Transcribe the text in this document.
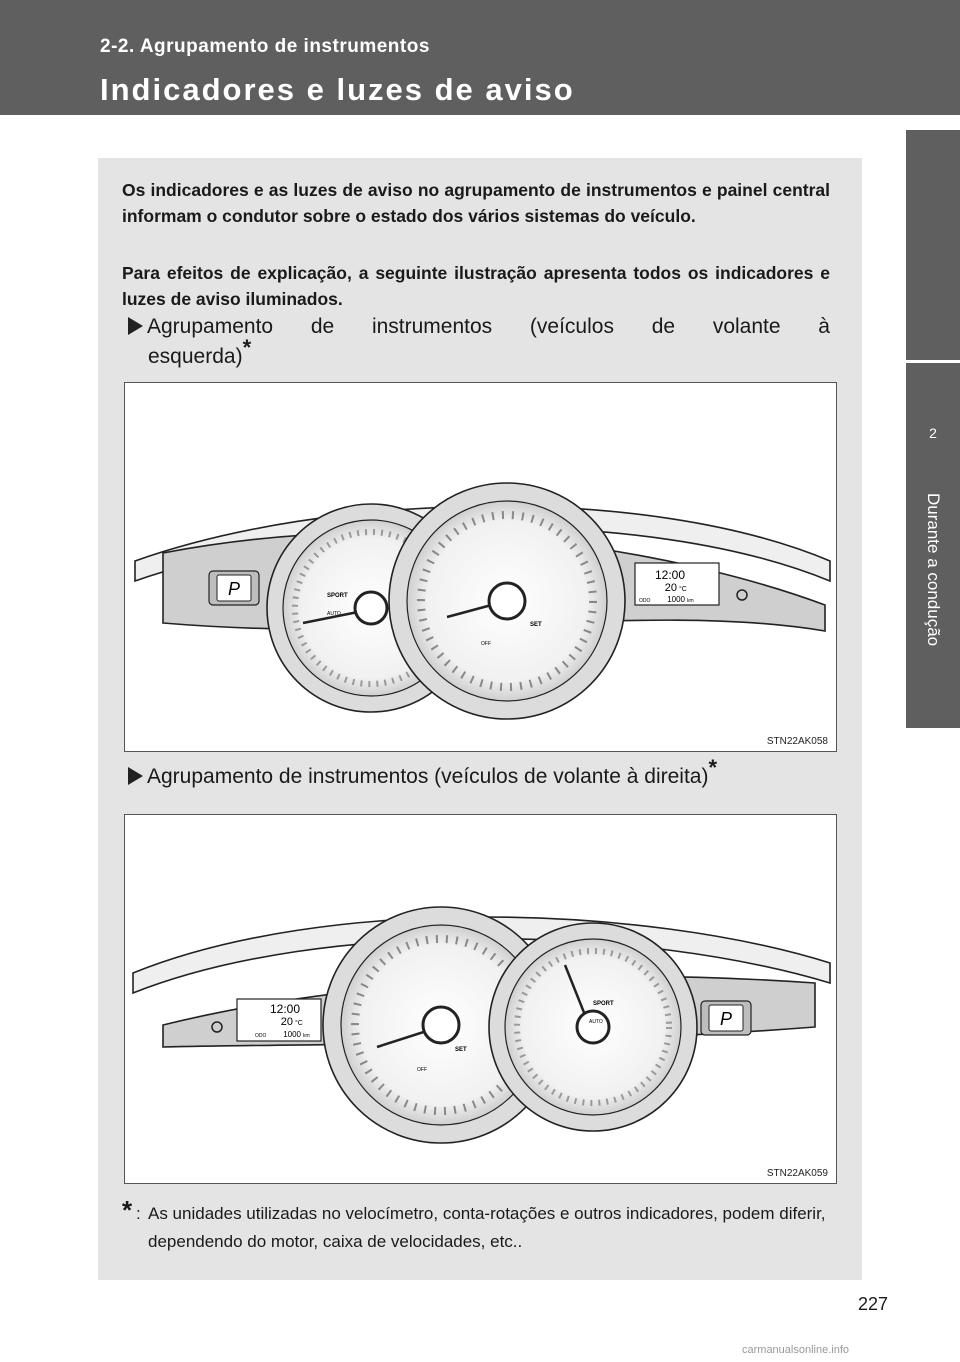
2-2. Agrupamento de instrumentos
Indicadores e luzes de aviso
2
Durante a condução

Os indicadores e as luzes de aviso no agrupamento de instrumentos e painel central informam o condutor sobre o estado dos vários sistemas do veículo.

Para efeitos de explicação, a seguinte ilustração apresenta todos os indicadores e luzes de aviso iluminados.

Agrupamento de instrumentos (veículos de volante à
esquerda)*
P	SPORT
AUTO
SET
OFF
12:00
20 °C
ODO 1000 km
STN22AK058
Agrupamento de instrumentos (veículos de volante à direita)*
SET
OFF
SPORT
AUTO
12:00
20 °C
ODO 1000 km
P
STN22AK059
* : As unidades utilizadas no velocímetro, conta-rotações e outros indicadores, podem diferir, dependendo do motor, caixa de velocidades, etc..
227
carmanualsonline.info
